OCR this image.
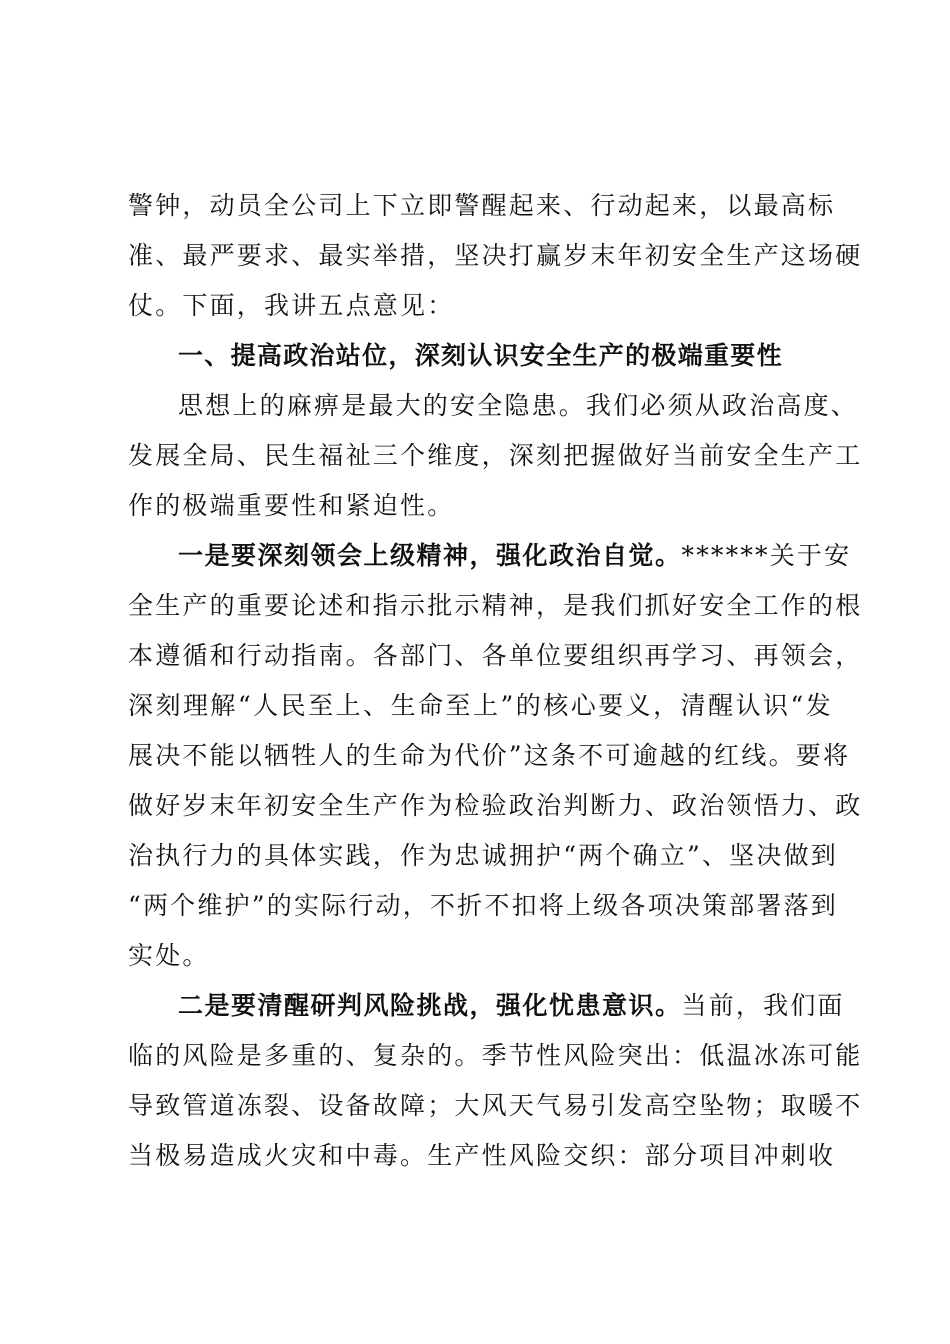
警钟，动员全公司上下立即警醒起来、行动起来，以最高标
准、最严要求、最实举措，坚决打赢岁末年初安全生产这场硬
仗。下面，我讲五点意见：
一、提高政治站位，深刻认识安全生产的极端重要性
思想上的麻痹是最大的安全隐患。我们必须从政治高度、
发展全局、民生福祉三个维度，深刻把握做好当前安全生产工
作的极端重要性和紧迫性。
一是要深刻领会上级精神，强化政治自觉。******关于安
全生产的重要论述和指示批示精神，是我们抓好安全工作的根
本遵循和行动指南。各部门、各单位要组织再学习、再领会，
深刻理解“人民至上、生命至上”的核心要义，清醒认识“发
展决不能以牺牲人的生命为代价”这条不可逾越的红线。要将
做好岁末年初安全生产作为检验政治判断力、政治领悟力、政
治执行力的具体实践，作为忠诚拥护“两个确立”、坚决做到
“两个维护”的实际行动，不折不扣将上级各项决策部署落到
实处。
二是要清醒研判风险挑战，强化忧患意识。当前，我们面
临的风险是多重的、复杂的。季节性风险突出：低温冰冻可能
导致管道冻裂、设备故障；大风天气易引发高空坠物；取暖不
当极易造成火灾和中毒。生产性风险交织：部分项目冲刺收
